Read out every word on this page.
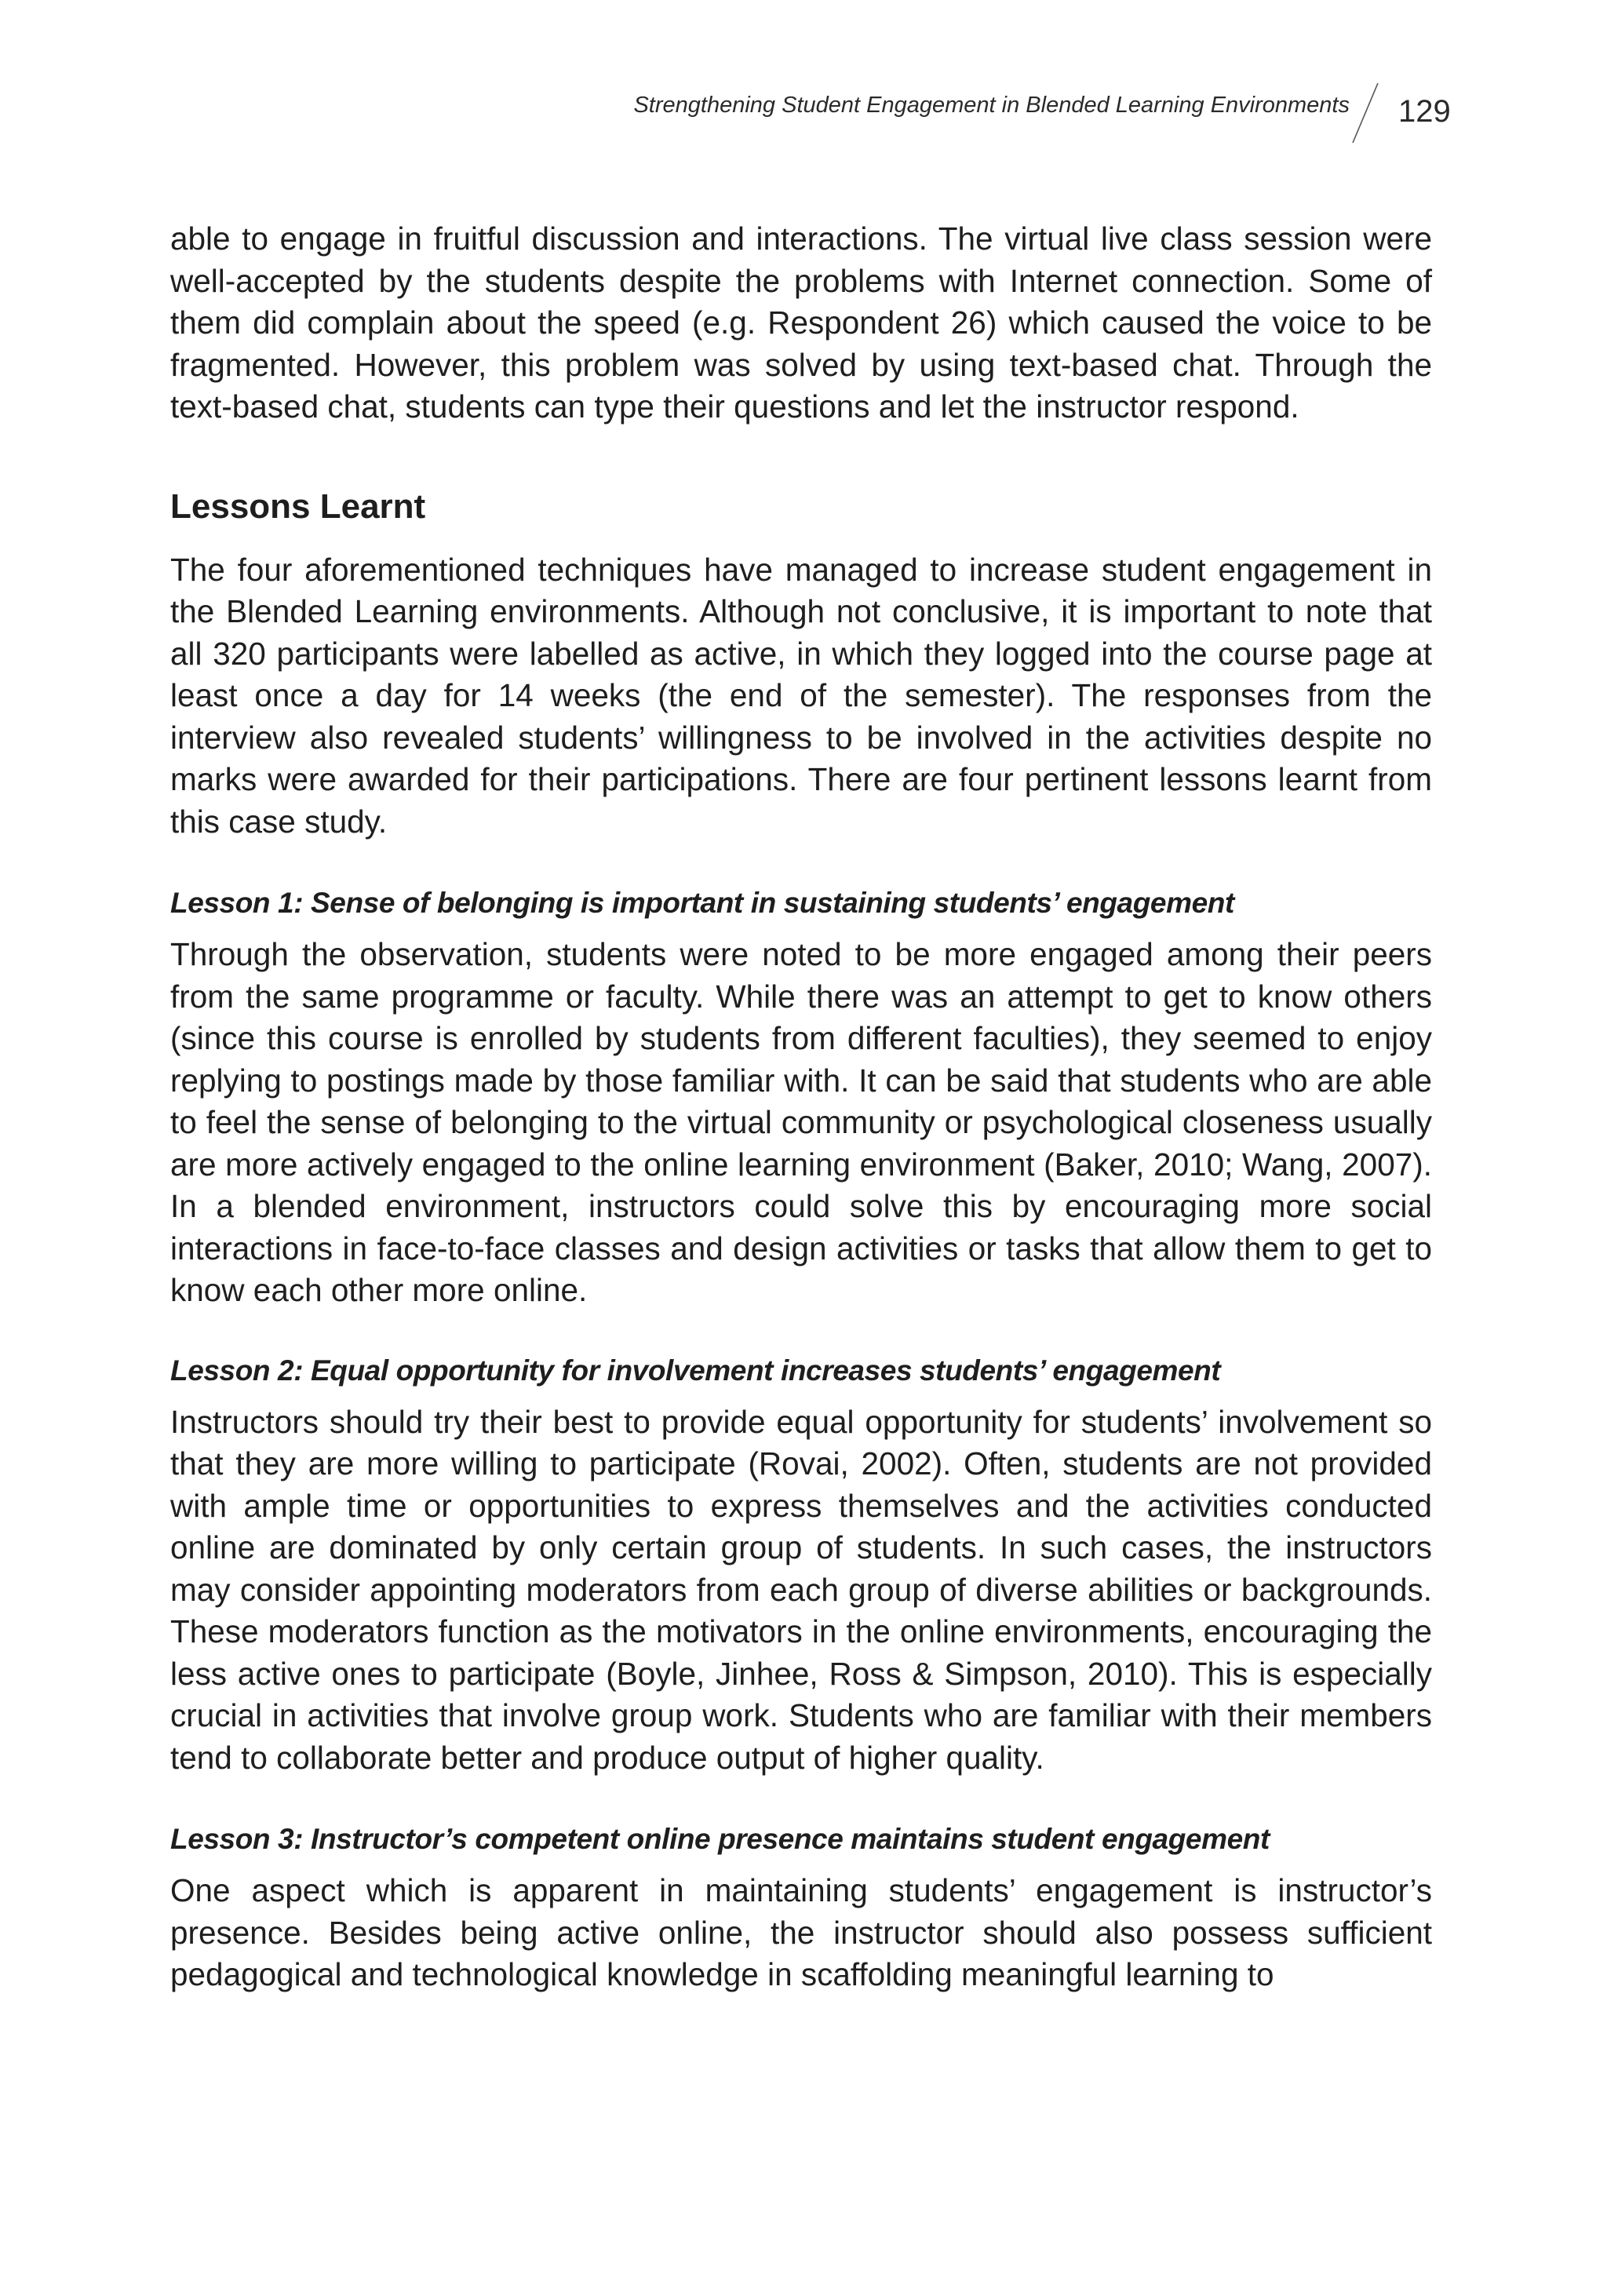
Strengthening Student Engagement in Blended Learning Environments 129

able to engage in fruitful discussion and interactions. The virtual live class session were well-accepted by the students despite the problems with Internet connection. Some of them did complain about the speed (e.g. Respondent 26) which caused the voice to be fragmented. However, this problem was solved by using text-based chat. Through the text-based chat, students can type their questions and let the instructor respond.

Lessons Learnt

The four aforementioned techniques have managed to increase student engagement in the Blended Learning environments. Although not conclusive, it is important to note that all 320 participants were labelled as active, in which they logged into the course page at least once a day for 14 weeks (the end of the semester). The responses from the interview also revealed students’ willingness to be involved in the activities despite no marks were awarded for their participations. There are four pertinent lessons learnt from this case study.

Lesson 1: Sense of belonging is important in sustaining students’ engagement

Through the observation, students were noted to be more engaged among their peers from the same programme or faculty. While there was an attempt to get to know others (since this course is enrolled by students from different faculties), they seemed to enjoy replying to postings made by those familiar with. It can be said that students who are able to feel the sense of belonging to the virtual community or psychological closeness usually are more actively engaged to the online learning environment (Baker, 2010; Wang, 2007). In a blended environment, instructors could solve this by encouraging more social interactions in face-to-face classes and design activities or tasks that allow them to get to know each other more online.

Lesson 2: Equal opportunity for involvement increases students’ engagement

Instructors should try their best to provide equal opportunity for students’ involvement so that they are more willing to participate (Rovai, 2002). Often, students are not provided with ample time or opportunities to express themselves and the activities conducted online are dominated by only certain group of students. In such cases, the instructors may consider appointing moderators from each group of diverse abilities or backgrounds. These moderators function as the motivators in the online environments, encouraging the less active ones to participate (Boyle, Jinhee, Ross & Simpson, 2010). This is especially crucial in activities that involve group work. Students who are familiar with their members tend to collaborate better and produce output of higher quality.

Lesson 3: Instructor’s competent online presence maintains student engagement

One aspect which is apparent in maintaining students’ engagement is instructor’s presence. Besides being active online, the instructor should also possess sufficient pedagogical and technological knowledge in scaffolding meaningful learning to
